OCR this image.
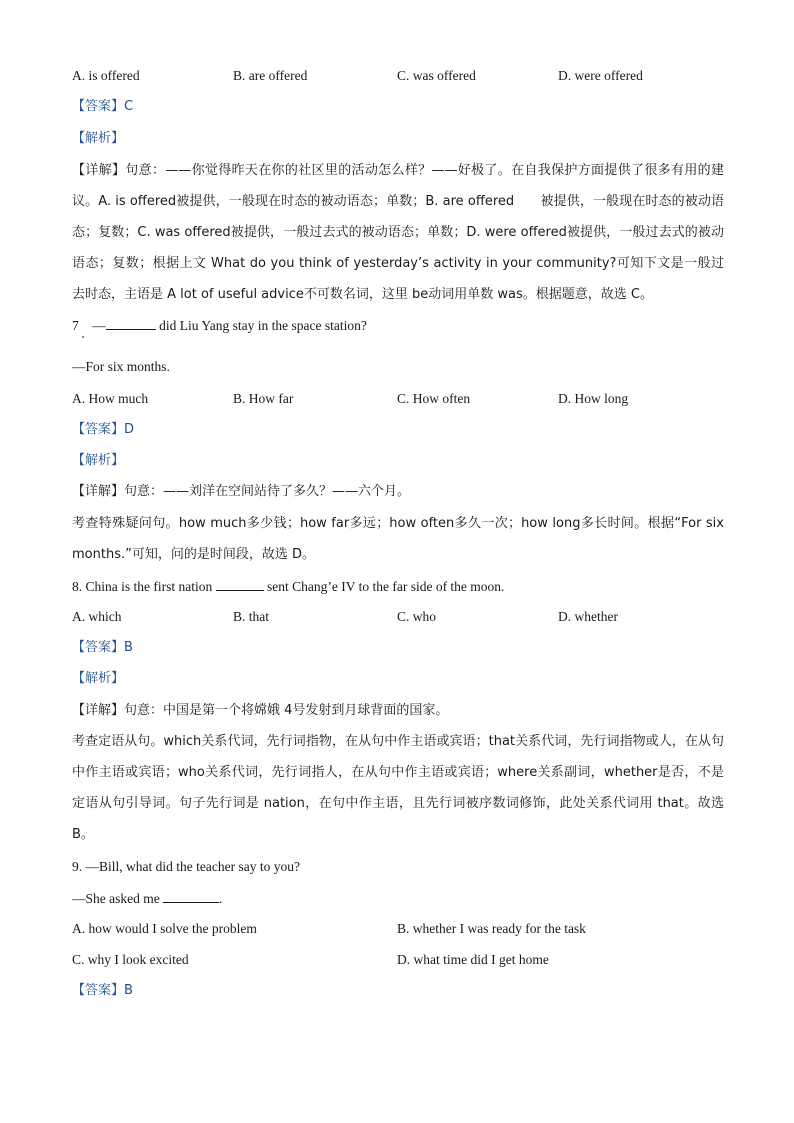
A. is offered	B. are offered	C. was offered	D. were offered
【答案】C
【解析】
【详解】句意：——你觉得昨天在你的社区里的活动怎么样？——好极了。在自我保护方面提供了很多有用的建议。A. is offered被提供，一般现在时态的被动语态；单数；B. are offered　　被提供，一般现在时态的被动语态；复数；C. was offered被提供，一般过去式的被动语态；单数；D. were offered被提供，一般过去式的被动语态；复数；根据上文 What do you think of yesterday’s activity in your community?可知下文是一般过去时态，主语是 A lot of useful advice不可数名词，这里 be动词用单数 was。根据题意，故选 C。
7　—	did Liu Yang stay in the space station?
—For six months.
A. How much	B. How far	C. How often	D. How long
【答案】D
【解析】
【详解】句意：——刘洋在空间站待了多久？——六个月。
考查特殊疑问句。how much多少钱；how far多远；how often多久一次；how long多长时间。根据“For six months.”可知，问的是时间段，故选 D。
8. China is the first nation	sent Chang’e IV to the far side of the moon.
A. which	B. that	C. who	D. whether
【答案】B
【解析】
【详解】句意：中国是第一个将嫦娥 4号发射到月球背面的国家。
考查定语从句。which关系代词，先行词指物，在从句中作主语或宾语；that关系代词，先行词指物或人，在从句中作主语或宾语；who关系代词，先行词指人，在从句中作主语或宾语；where关系副词，whether是否，不是定语从句引导词。句子先行词是 nation，在句中作主语，且先行词被序数词修饰，此处关系代词用 that。故选 B。
9. —Bill, what did the teacher say to you?
—She asked me	.
A. how would I solve the problem	B. whether I was ready for the task
C. why I look excited	D. what time did I get home
【答案】B
